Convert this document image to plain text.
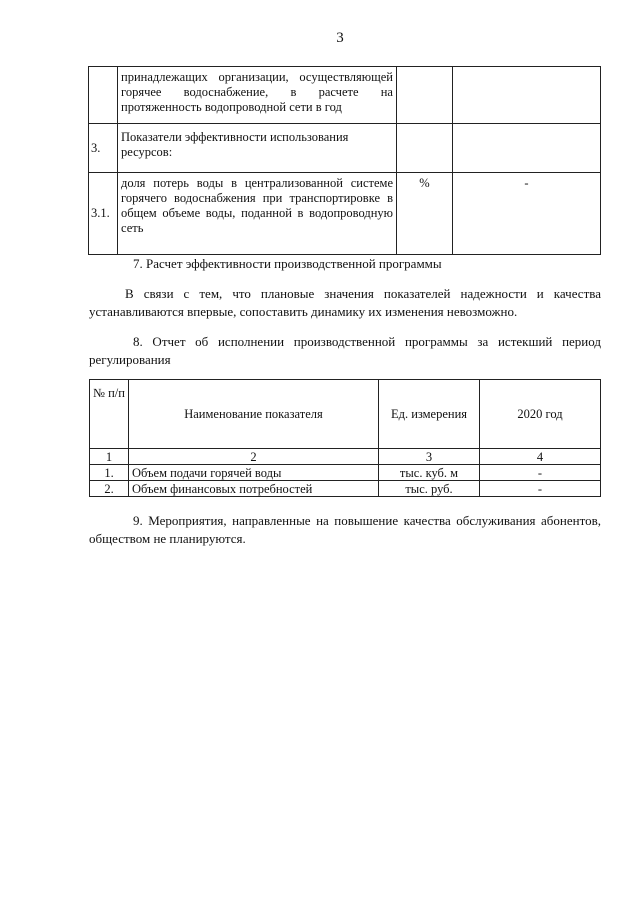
3
	принадлежащих организации, осуществляющей горячее водоснабжение, в расчете на протяженность водопроводной сети в год		
3.	Показатели эффективности использования ресурсов:		
3.1.	доля потерь воды в централизованной системе горячего водоснабжения при транспортировке в общем объеме воды, поданной в водопроводную сеть	%	-
7. Расчет эффективности производственной программы
В связи с тем, что плановые значения показателей надежности и качества устанавливаются впервые, сопоставить динамику их изменения невозможно.
8. Отчет об исполнении производственной программы за истекший период регулирования
№ п/п	Наименование показателя	Ед. измерения	2020 год
1	2	3	4
1.	Объем подачи горячей воды	тыс. куб. м	-
2.	Объем финансовых потребностей	тыс. руб.	-
9. Мероприятия, направленные на повышение качества обслуживания абонентов, обществом не планируются.
